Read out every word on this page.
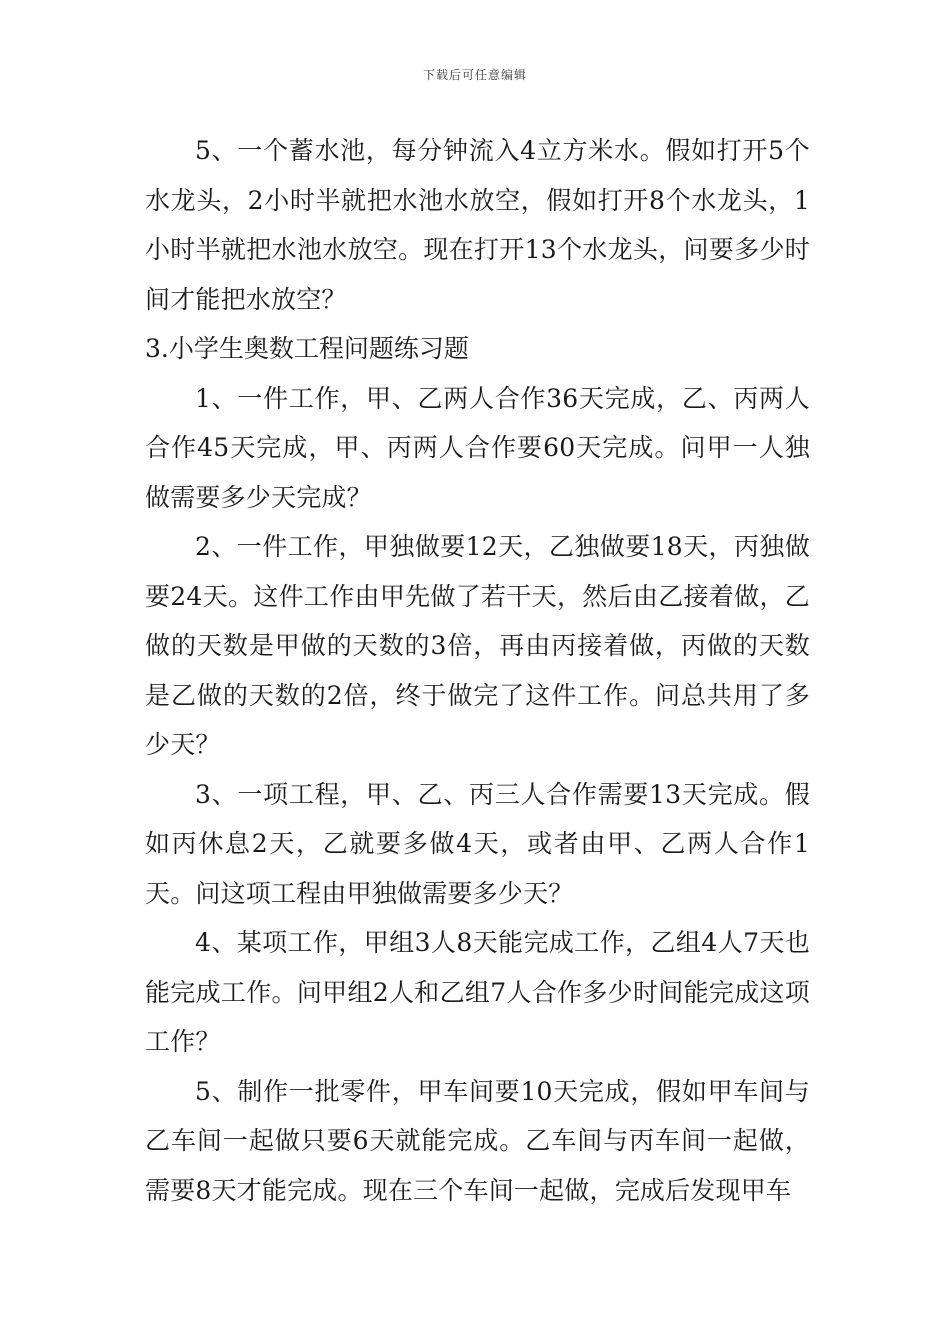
下载后可任意编辑

5、一个蓄水池，每分钟流入4立方米水。假如打开5个水龙头，2小时半就把水池水放空，假如打开8个水龙头，1小时半就把水池水放空。现在打开13个水龙头，问要多少时间才能把水放空？

3.小学生奥数工程问题练习题

1、一件工作，甲、乙两人合作36天完成，乙、丙两人合作45天完成，甲、丙两人合作要60天完成。问甲一人独做需要多少天完成？

2、一件工作，甲独做要12天，乙独做要18天，丙独做要24天。这件工作由甲先做了若干天，然后由乙接着做，乙做的天数是甲做的天数的3倍，再由丙接着做，丙做的天数是乙做的天数的2倍，终于做完了这件工作。问总共用了多少天？

3、一项工程，甲、乙、丙三人合作需要13天完成。假如丙休息2天，乙就要多做4天，或者由甲、乙两人合作1天。问这项工程由甲独做需要多少天？

4、某项工作，甲组3人8天能完成工作，乙组4人7天也能完成工作。问甲组2人和乙组7人合作多少时间能完成这项工作？

5、制作一批零件，甲车间要10天完成，假如甲车间与乙车间一起做只要6天就能完成。乙车间与丙车间一起做，需要8天才能完成。现在三个车间一起做，完成后发现甲车
